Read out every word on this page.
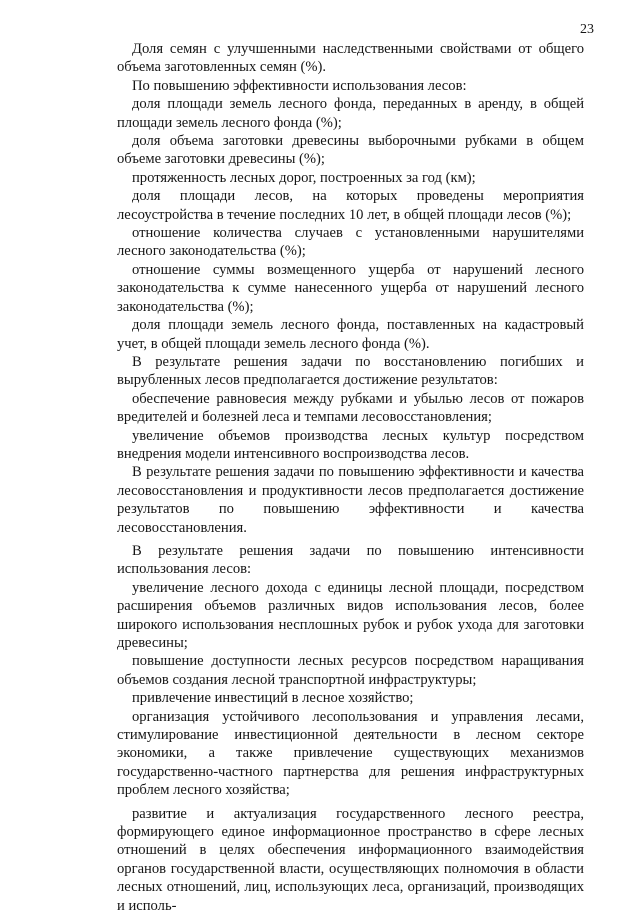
23

Доля семян с улучшенными наследственными свойствами от общего объема заготовленных семян (%).

По повышению эффективности использования лесов:

доля площади земель лесного фонда, переданных в аренду, в общей площади земель лесного фонда (%);

доля объема заготовки древесины выборочными рубками в общем объеме заготовки древесины (%);

протяженность лесных дорог, построенных за год (км);

доля площади лесов, на которых проведены мероприятия лесоустройства в течение последних 10 лет, в общей площади лесов (%);

отношение количества случаев с установленными нарушителями лесного законодательства (%);

отношение суммы возмещенного ущерба от нарушений лесного законодательства к сумме нанесенного ущерба от нарушений лесного законодательства (%);

доля площади земель лесного фонда, поставленных на кадастровый учет, в общей площади земель лесного фонда (%).

В результате решения задачи по восстановлению погибших и вырубленных лесов предполагается достижение результатов:

обеспечение равновесия между рубками и убылью лесов от пожаров вредителей и болезней леса и темпами лесовосстановления;

увеличение объемов производства лесных культур посредством внедрения модели интенсивного воспроизводства лесов.

В результате решения задачи по повышению эффективности и качества лесовосстановления и продуктивности лесов предполагается достижение результатов по повышению эффективности и качества лесовосстановления.

В результате решения задачи по повышению интенсивности использования лесов:

увеличение лесного дохода с единицы лесной площади, посредством расширения объемов различных видов использования лесов, более широкого использования несплошных рубок и рубок ухода для заготовки древесины;

повышение доступности лесных ресурсов посредством наращивания объемов создания лесной транспортной инфраструктуры;

привлечение инвестиций в лесное хозяйство;

организация устойчивого лесопользования и управления лесами, стимулирование инвестиционной деятельности в лесном секторе экономики, а также привлечение существующих механизмов государственно-частного партнерства для решения инфраструктурных проблем лесного хозяйства;

развитие и актуализация государственного лесного реестра, формирующего единое информационное пространство в сфере лесных отношений в целях обеспечения информационного взаимодействия органов государственной власти, осуществляющих полномочия в области лесных отношений, лиц, использующих леса, организаций, производящих и исполь-
